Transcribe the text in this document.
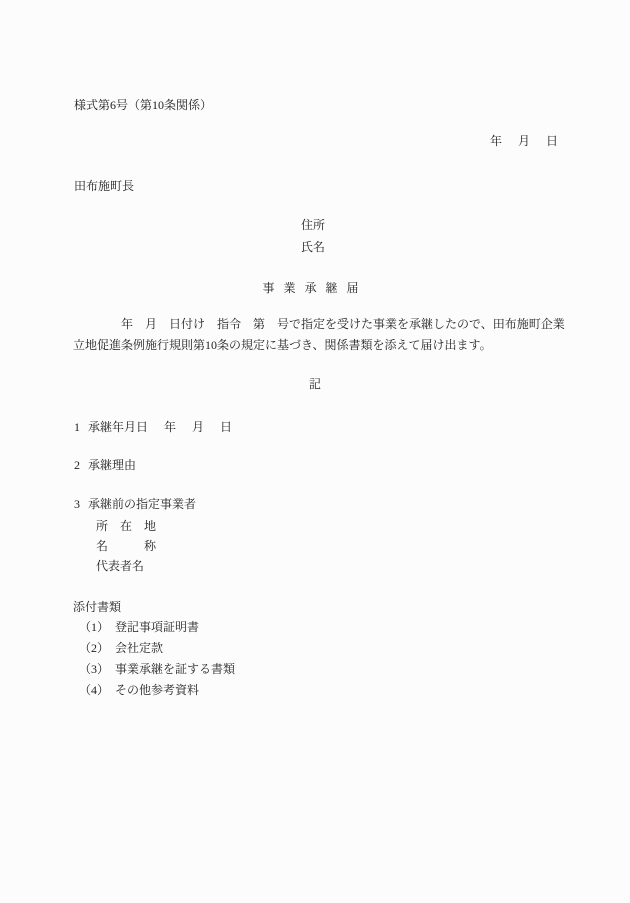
様式第6号（第10条関係）
年　月　日
田布施町長
住所
氏名
事業承継届
　　　　年　月　日付け　指令　第　号で指定を受けた事業を承継したので、田布施町企業
立地促進条例施行規則第10条の規定に基づき、関係書類を添えて届け出ます。
記
1 承継年月日 年　月　日
2 承継理由
3 承継前の指定事業者
所在地
名称
代表者名
添付書類
（1） 登記事項証明書
（2） 会社定款
（3） 事業承継を証する書類
（4） その他参考資料
